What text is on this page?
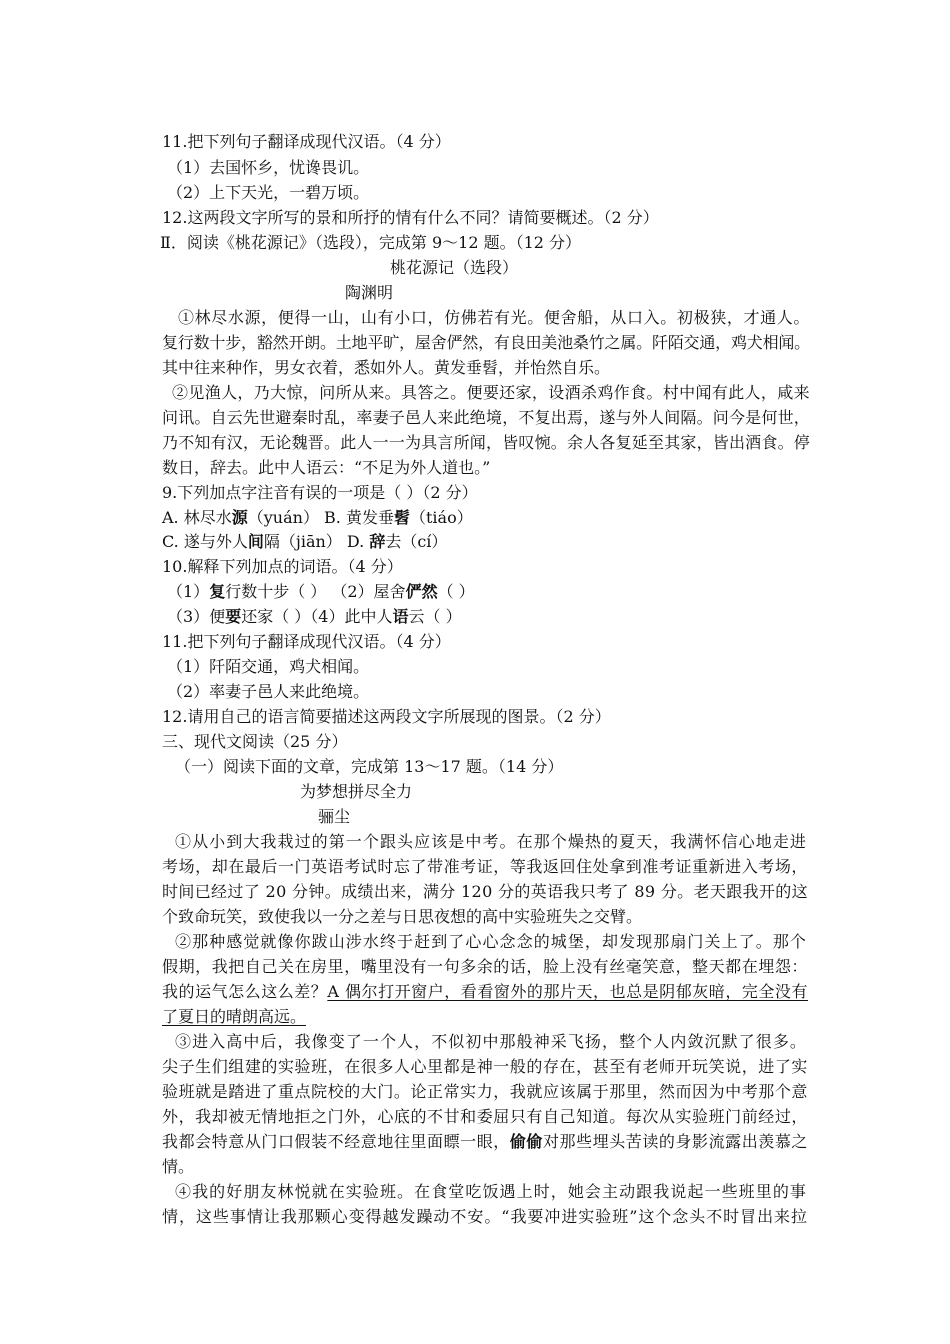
11.把下列句子翻译成现代汉语。（4 分）
（1）去国怀乡，忧谗畏讥。
（2）上下天光，一碧万顷。
12.这两段文字所写的景和所抒的情有什么不同？请简要概述。（2 分）
Ⅱ．阅读《桃花源记》（选段），完成第 9～12 题。（12 分）
桃花源记（选段）
陶渊明
①林尽水源，便得一山，山有小口，仿佛若有光。便舍船，从口入。初极狭，才通人。
复行数十步，豁然开朗。土地平旷，屋舍俨然，有良田美池桑竹之属。阡陌交通，鸡犬相闻。
其中往来种作，男女衣着，悉如外人。黄发垂髫，并怡然自乐。
②见渔人，乃大惊，问所从来。具答之。便要还家，设酒杀鸡作食。村中闻有此人，咸来
问讯。自云先世避秦时乱，率妻子邑人来此绝境，不复出焉，遂与外人间隔。问今是何世，
乃不知有汉，无论魏晋。此人一一为具言所闻，皆叹惋。余人各复延至其家，皆出酒食。停
数日，辞去。此中人语云：“不足为外人道也。”
9.下列加点字注音有误的一项是（ ）（2 分）
A. 林尽水源（yuán） B. 黄发垂髫（tiáo）
C. 遂与外人间隔（jiān） D. 辞去（cí）
10.解释下列加点的词语。（4 分）
（1）复行数十步（ ） （2）屋舍俨然（ ）
（3）便要还家（ ）（4）此中人语云（ ）
11.把下列句子翻译成现代汉语。（4 分）
（1）阡陌交通，鸡犬相闻。
（2）率妻子邑人来此绝境。
12.请用自己的语言简要描述这两段文字所展现的图景。（2 分）
三、现代文阅读（25 分）
（一）阅读下面的文章，完成第 13～17 题。（14 分）
为梦想拼尽全力
骊尘
①从小到大我栽过的第一个跟头应该是中考。在那个燥热的夏天，我满怀信心地走进
考场，却在最后一门英语考试时忘了带准考证，等我返回住处拿到准考证重新进入考场，
时间已经过了 20 分钟。成绩出来，满分 120 分的英语我只考了 89 分。老天跟我开的这
个致命玩笑，致使我以一分之差与日思夜想的高中实验班失之交臂。
②那种感觉就像你跋山涉水终于赶到了心心念念的城堡，却发现那扇门关上了。那个
假期，我把自己关在房里，嘴里没有一句多余的话，脸上没有丝毫笑意，整天都在埋怨：
我的运气怎么这么差？A 偶尔打开窗户，看看窗外的那片天，也总是阴郁灰暗，完全没有
了夏日的晴朗高远。
③进入高中后，我像变了一个人，不似初中那般神采飞扬，整个人内敛沉默了很多。
尖子生们组建的实验班，在很多人心里都是神一般的存在，甚至有老师开玩笑说，进了实
验班就是踏进了重点院校的大门。论正常实力，我就应该属于那里，然而因为中考那个意
外，我却被无情地拒之门外，心底的不甘和委屈只有自己知道。每次从实验班门前经过，
我都会特意从门口假装不经意地往里面瞟一眼，偷偷对那些埋头苦读的身影流露出羡慕之
情。
④我的好朋友林悦就在实验班。在食堂吃饭遇上时，她会主动跟我说起一些班里的事
情，这些事情让我那颗心变得越发躁动不安。“我要冲进实验班”这个念头不时冒出来拉
